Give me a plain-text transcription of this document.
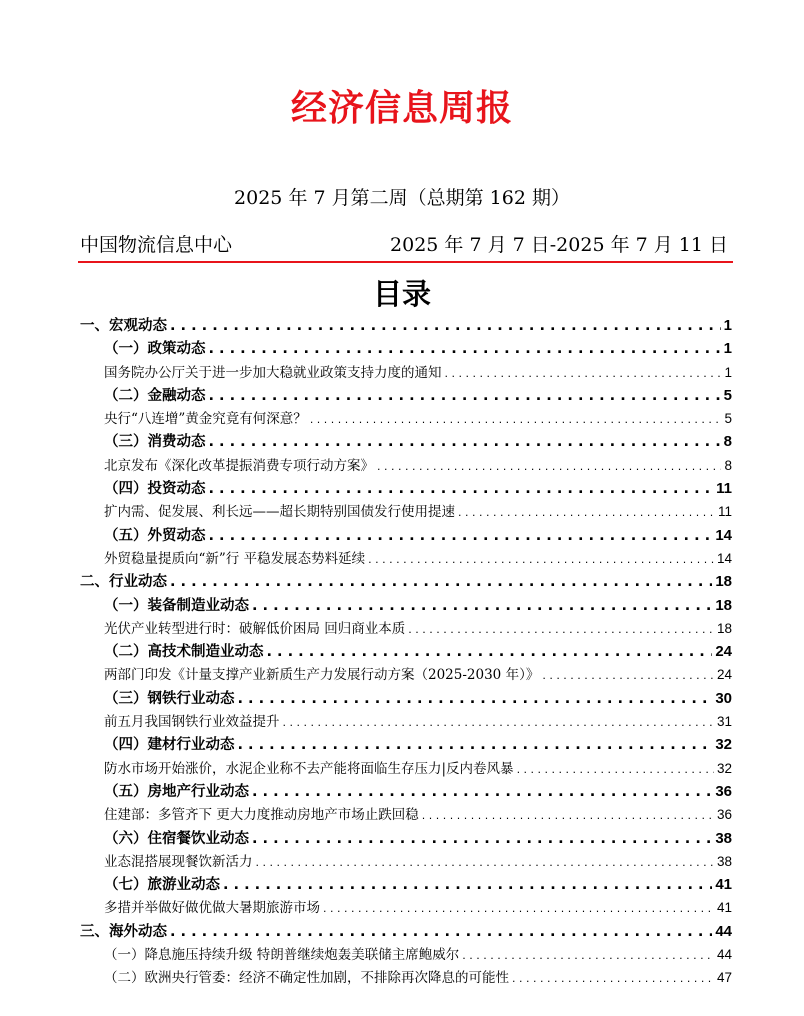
经济信息周报
2025 年 7 月第二周（总期第 162 期）
中国物流信息中心	2025 年 7 月 7 日-2025 年 7 月 11 日
目录
一、宏观动态 . . .	1
（一）政策动态 . . .	1
国务院办公厅关于进一步加大稳就业政策支持力度的通知 . . .	1
（二）金融动态 . . .	5
央行“八连增”黄金究竟有何深意？ . . .	5
（三）消费动态 . . .	8
北京发布《深化改革提振消费专项行动方案》 . . .	8
（四）投资动态 . . .	11
扩内需、促发展、利长远——超长期特别国债发行使用提速 . . .	11
（五）外贸动态 . . .	14
外贸稳量提质向“新”行 平稳发展态势料延续 . . .	14
二、行业动态 . . .	18
（一）装备制造业动态 . . .	18
光伏产业转型进行时：破解低价困局 回归商业本质 . . .	18
（二）高技术制造业动态 . . .	24
两部门印发《计量支撑产业新质生产力发展行动方案（2025-2030 年）》 . . .	24
（三）钢铁行业动态 . . .	30
前五月我国钢铁行业效益提升 . . .	31
（四）建材行业动态 . . .	32
防水市场开始涨价，水泥企业称不去产能将面临生存压力|反内卷风暴 . . .	32
（五）房地产行业动态 . . .	36
住建部：多管齐下 更大力度推动房地产市场止跌回稳 . . .	36
（六）住宿餐饮业动态 . . .	38
业态混搭展现餐饮新活力 . . .	38
（七）旅游业动态 . . .	41
多措并举做好做优做大暑期旅游市场 . . .	41
三、海外动态 . . .	44
（一）降息施压持续升级 特朗普继续炮轰美联储主席鲍威尔 . . .	44
（二）欧洲央行管委：经济不确定性加剧，不排除再次降息的可能性 . . .	47
